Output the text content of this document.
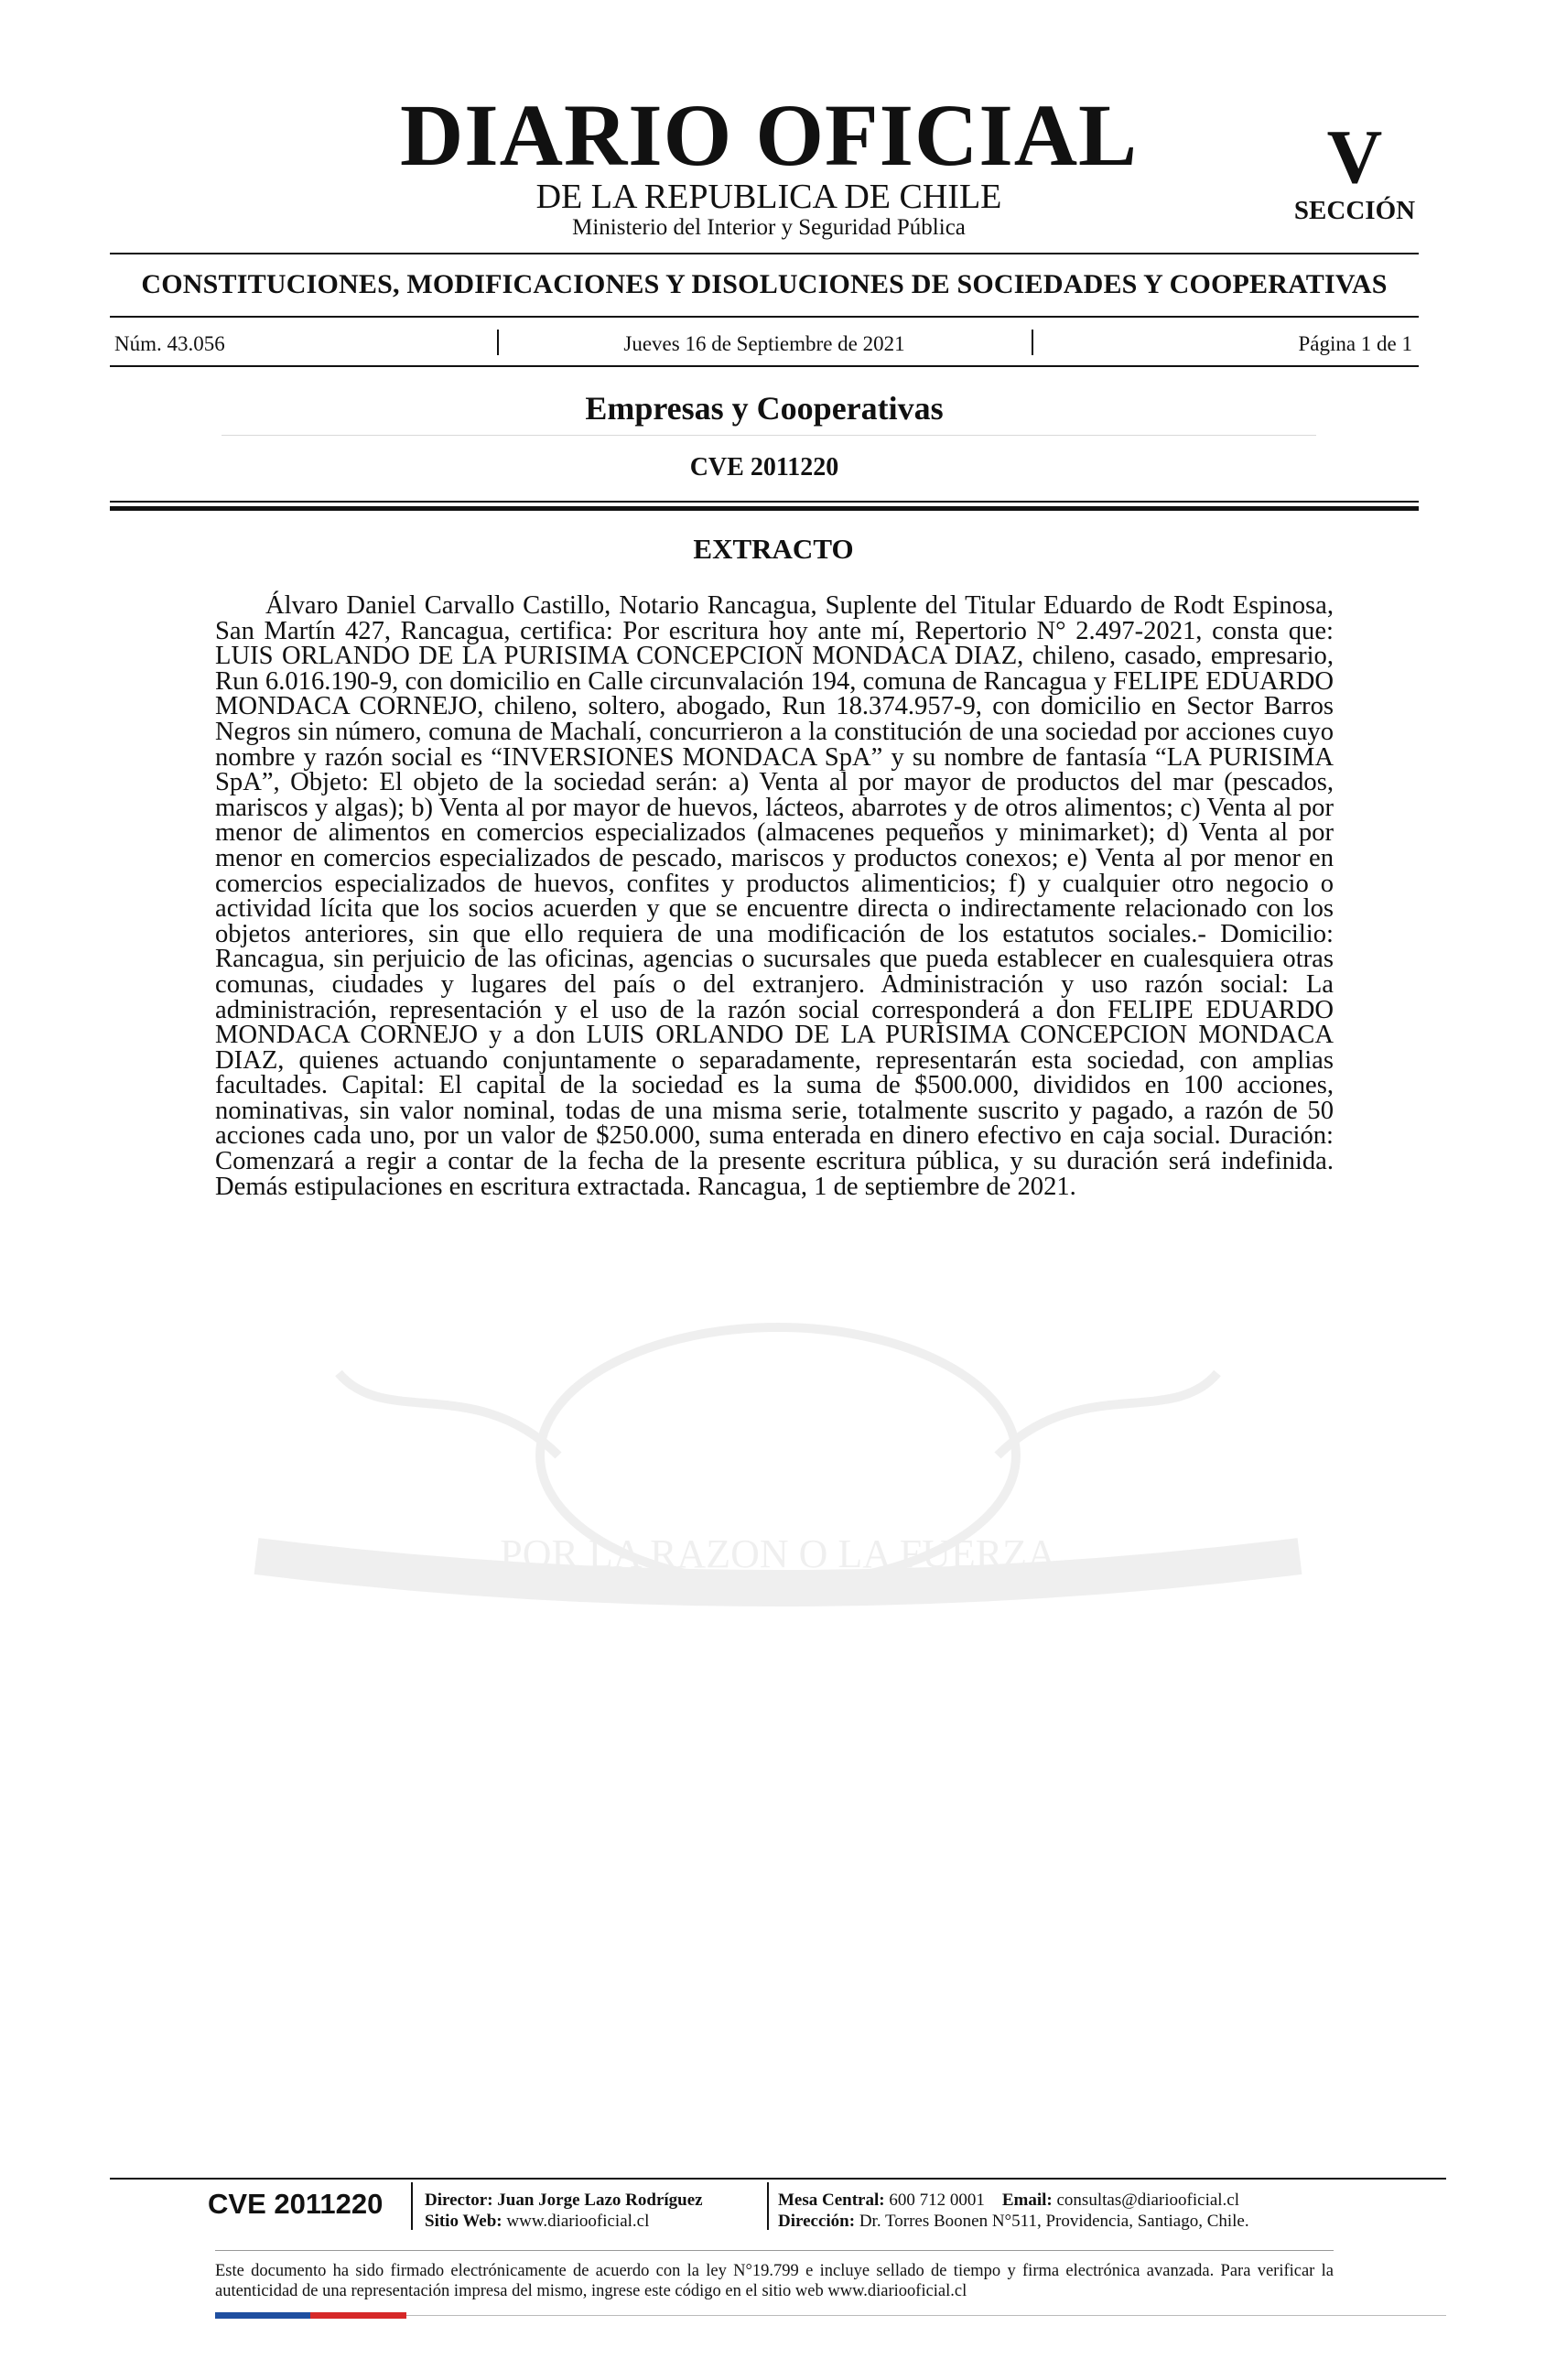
POR LA RAZON O LA FUERZA
DIARIO OFICIAL
DE LA REPUBLICA DE CHILE
Ministerio del Interior y Seguridad Pública
V
SECCIÓN
CONSTITUCIONES, MODIFICACIONES Y DISOLUCIONES DE SOCIEDADES Y COOPERATIVAS
Núm. 43.056	Jueves 16 de Septiembre de 2021	Página 1 de 1
Empresas y Cooperativas
CVE 2011220
EXTRACTO
Álvaro Daniel Carvallo Castillo, Notario Rancagua, Suplente del Titular Eduardo de Rodt Espinosa, San Martín 427, Rancagua, certifica: Por escritura hoy ante mí, Repertorio N° 2.497-2021, consta que: LUIS ORLANDO DE LA PURISIMA CONCEPCION MONDACA DIAZ, chileno, casado, empresario, Run 6.016.190-9, con domicilio en Calle circunvalación 194, comuna de Rancagua y FELIPE EDUARDO MONDACA CORNEJO, chileno, soltero, abogado, Run 18.374.957-9, con domicilio en Sector Barros Negros sin número, comuna de Machalí, concurrieron a la constitución de una sociedad por acciones cuyo nombre y razón social es “INVERSIONES MONDACA SpA” y su nombre de fantasía “LA PURISIMA SpA”, Objeto: El objeto de la sociedad serán: a) Venta al por mayor de productos del mar (pescados, mariscos y algas); b) Venta al por mayor de huevos, lácteos, abarrotes y de otros alimentos; c) Venta al por menor de alimentos en comercios especializados (almacenes pequeños y minimarket); d) Venta al por menor en comercios especializados de pescado, mariscos y productos conexos; e) Venta al por menor en comercios especializados de huevos, confites y productos alimenticios; f) y cualquier otro negocio o actividad lícita que los socios acuerden y que se encuentre directa o indirectamente relacionado con los objetos anteriores, sin que ello requiera de una modificación de los estatutos sociales.- Domicilio: Rancagua, sin perjuicio de las oficinas, agencias o sucursales que pueda establecer en cualesquiera otras comunas, ciudades y lugares del país o del extranjero. Administración y uso razón social: La administración, representación y el uso de la razón social corresponderá a don FELIPE EDUARDO MONDACA CORNEJO y a don LUIS ORLANDO DE LA PURISIMA CONCEPCION MONDACA DIAZ, quienes actuando conjuntamente o separadamente, representarán esta sociedad, con amplias facultades. Capital: El capital de la sociedad es la suma de $500.000, divididos en 100 acciones, nominativas, sin valor nominal, todas de una misma serie, totalmente suscrito y pagado, a razón de 50 acciones cada uno, por un valor de $250.000, suma enterada en dinero efectivo en caja social. Duración: Comenzará a regir a contar de la fecha de la presente escritura pública, y su duración será indefinida. Demás estipulaciones en escritura extractada. Rancagua, 1 de septiembre de 2021.
CVE 2011220 Director: Juan Jorge Lazo Rodríguez
Sitio Web: www.diariooficial.cl
Mesa Central: 600 712 0001 Email: consultas@diariooficial.cl
Dirección: Dr. Torres Boonen N°511, Providencia, Santiago, Chile.
Este documento ha sido firmado electrónicamente de acuerdo con la ley N°19.799 e incluye sellado de tiempo y firma electrónica avanzada. Para verificar la autenticidad de una representación impresa del mismo, ingrese este código en el sitio web www.diariooficial.cl
